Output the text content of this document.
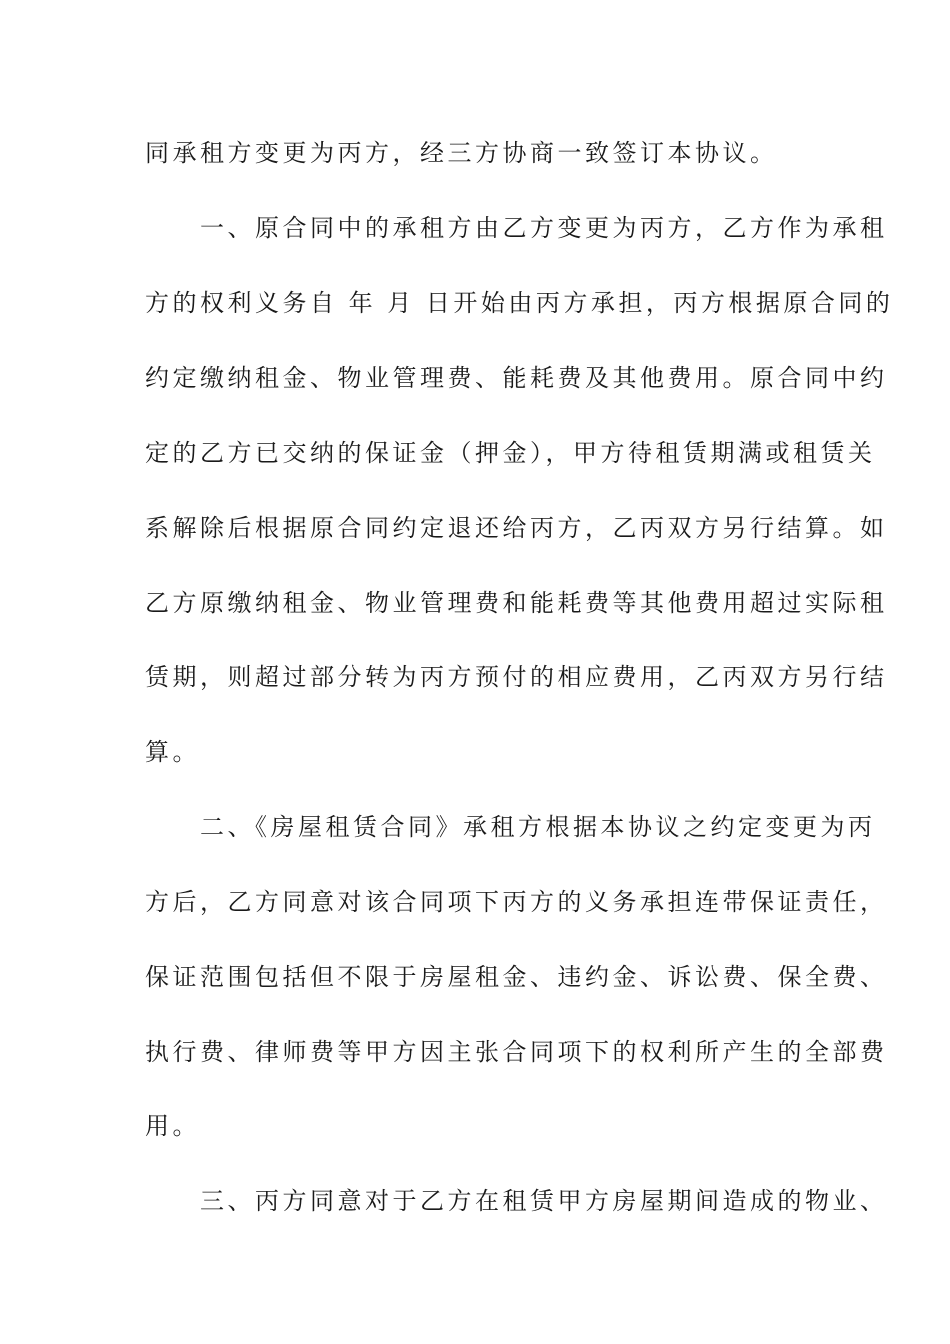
同承租方变更为丙方，经三方协商一致签订本协议。
　　一、原合同中的承租方由乙方变更为丙方，乙方作为承租
方的权利义务自 年 月 日开始由丙方承担，丙方根据原合同的
约定缴纳租金、物业管理费、能耗费及其他费用。原合同中约
定的乙方已交纳的保证金（押金），甲方待租赁期满或租赁关
系解除后根据原合同约定退还给丙方，乙丙双方另行结算。如
乙方原缴纳租金、物业管理费和能耗费等其他费用超过实际租
赁期，则超过部分转为丙方预付的相应费用，乙丙双方另行结
算。
　　二、《房屋租赁合同》承租方根据本协议之约定变更为丙
方后，乙方同意对该合同项下丙方的义务承担连带保证责任，
保证范围包括但不限于房屋租金、违约金、诉讼费、保全费、
执行费、律师费等甲方因主张合同项下的权利所产生的全部费
用。
　　三、丙方同意对于乙方在租赁甲方房屋期间造成的物业、
